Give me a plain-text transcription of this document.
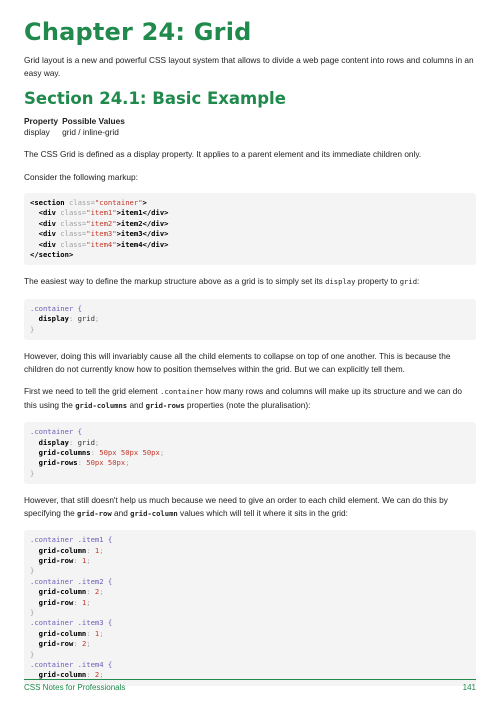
Chapter 24: Grid

Grid layout is a new and powerful CSS layout system that allows to divide a web page content into rows and columns in an easy way.

Section 24.1: Basic Example
Property	Possible Values
display	grid / inline-grid

The CSS Grid is defined as a display property. It applies to a parent element and its immediate children only.

Consider the following markup:

<section class="container">
<div class="item1">item1</div>
<div class="item2">item2</div>
<div class="item3">item3</div>
<div class="item4">item4</div>
</section>

The easiest way to define the markup structure above as a grid is to simply set its display property to grid:

.container {
display: grid;
}

However, doing this will invariably cause all the child elements to collapse on top of one another. This is because the children do not currently know how to position themselves within the grid. But we can explicitly tell them.

First we need to tell the grid element .container how many rows and columns will make up its structure and we can do this using the grid-columns and grid-rows properties (note the pluralisation):

.container {
display: grid;
grid-columns: 50px 50px 50px;
grid-rows: 50px 50px;
}

However, that still doesn't help us much because we need to give an order to each child element. We can do this by specifying the grid-row and grid-column values which will tell it where it sits in the grid:

.container .item1 {
grid-column: 1;
grid-row: 1;
}
.container .item2 {
grid-column: 2;
grid-row: 1;
}
.container .item3 {
grid-column: 1;
grid-row: 2;
}
.container .item4 {
grid-column: 2;
CSS Notes for Professionals	141
